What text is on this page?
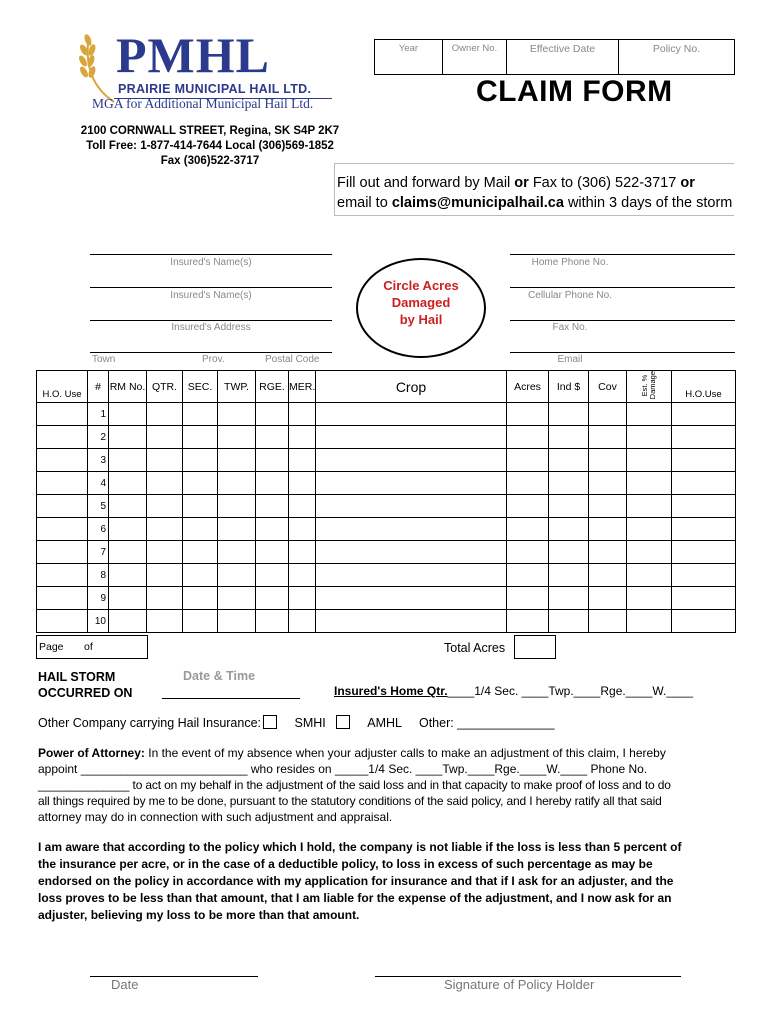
PMHL
PRAIRIE MUNICIPAL HAIL LTD.
MGA for Additional Municipal Hail Ltd.
2100 CORNWALL STREET, Regina, SK S4P 2K7
Toll Free: 1-877-414-7644 Local (306)569-1852
Fax (306)522-3717
Year	Owner No.	Effective Date	Policy No.
CLAIM FORM
Fill out and forward by Mail or Fax to (306) 522-3717 or
email to claims@municipalhail.ca within 3 days of the storm
Insured's Name(s)
Insured's Name(s)
Insured's Address
Town	Prov.	Postal Code
Circle Acres
Damaged
by Hail
Home Phone No.
Cellular Phone No.
Fax No.
Email
H.O. Use	#	RM No.	QTR.	SEC.	TWP.	RGE.	MER.	Crop	Acres	Ind $	Cov	Est. % Damage	H.O.Use
	1												
	2												
	3												
	4												
	5												
	6												
	7												
	8												
	9												
	10												
Page of	Total Acres
HAIL STORM
OCCURRED ON
Date & Time
Insured's Home Qtr.____1/4 Sec. ____Twp.____Rge.____W.____
Other Company carrying Hail Insurance:	SMHI	AMHL Other: ______________
Power of Attorney: In the event of my absence when your adjuster calls to make an adjustment of this claim, I hereby
appoint _________________________ who resides on _____1/4 Sec. ____Twp.____Rge.____W.____ Phone No.
______________ to act on my behalf in the adjustment of the said loss and in that capacity to make proof of loss and to do
all things required by me to be done, pursuant to the statutory conditions of the said policy, and I hereby ratify all that said
attorney may do in connection with such adjustment and appraisal.
I am aware that according to the policy which I hold, the company is not liable if the loss is less than 5 percent of
the insurance per acre, or in the case of a deductible policy, to loss in excess of such percentage as may be
endorsed on the policy in accordance with my application for insurance and that if I ask for an adjuster, and the
loss proves to be less than that amount, that I am liable for the expense of the adjustment, and I now ask for an
adjuster, believing my loss to be more than that amount.
Date	Signature of Policy Holder
